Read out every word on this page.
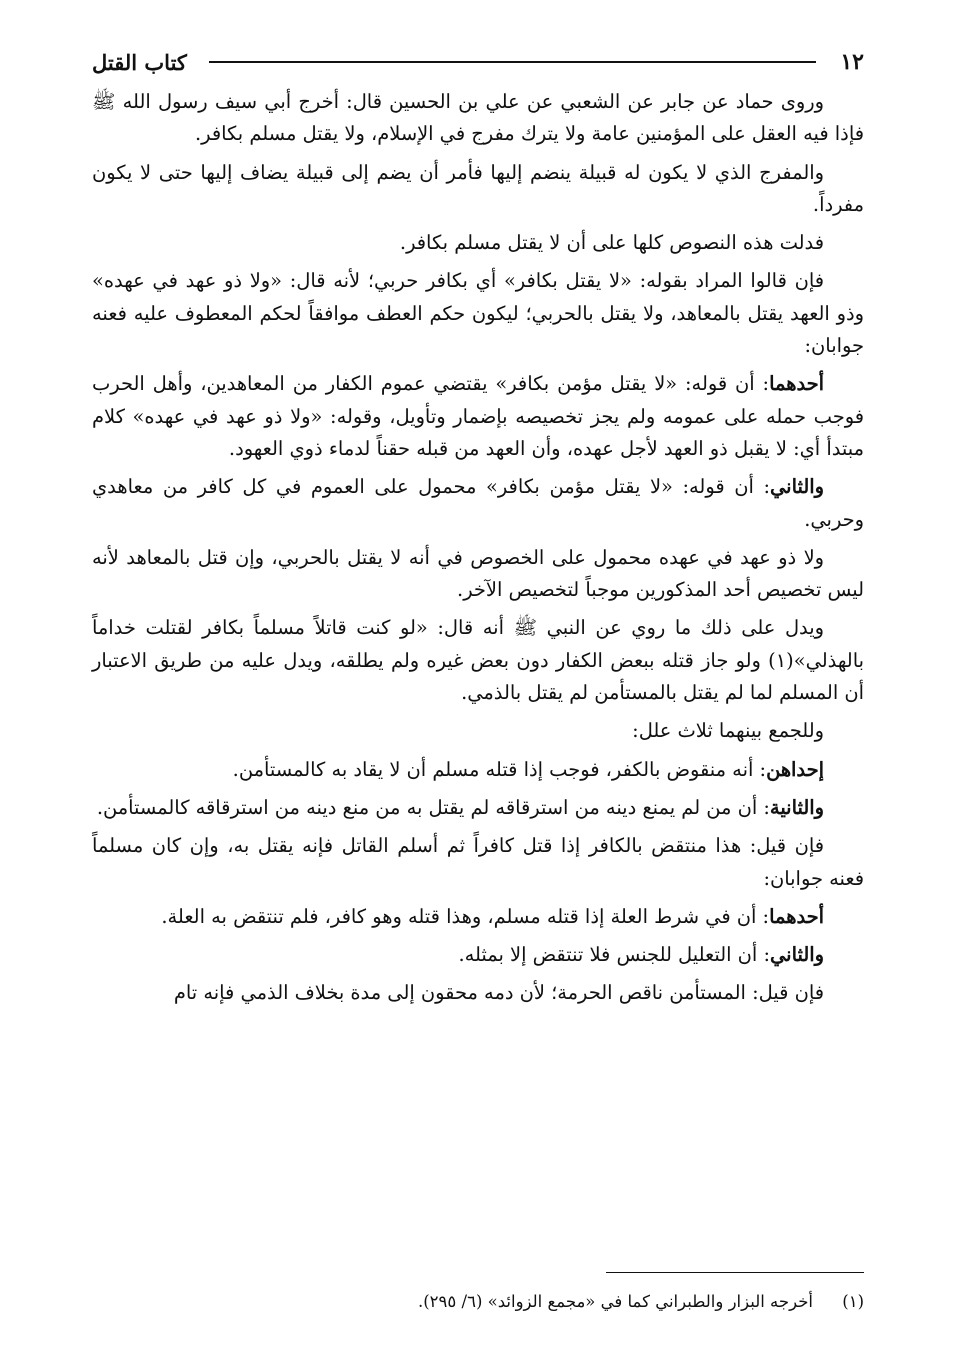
١٢
كتاب القتل

وروى حماد عن جابر عن الشعبي عن علي بن الحسين قال: أخرج أبي سيف رسول الله ﷺ فإذا فيه العقل على المؤمنين عامة ولا يترك مفرج في الإسلام، ولا يقتل مسلم بكافر.

والمفرج الذي لا يكون له قبيلة ينضم إليها فأمر أن يضم إلى قبيلة يضاف إليها حتى لا يكون مفرداً.

فدلت هذه النصوص كلها على أن لا يقتل مسلم بكافر.

فإن قالوا المراد بقوله: «لا يقتل بكافر» أي بكافر حربي؛ لأنه قال: «ولا ذو عهد في عهده» وذو العهد يقتل بالمعاهد، ولا يقتل بالحربي؛ ليكون حكم العطف موافقاً لحكم المعطوف عليه فعنه جوابان:

أحدهما: أن قوله: «لا يقتل مؤمن بكافر» يقتضي عموم الكفار من المعاهدين، وأهل الحرب فوجب حمله على عمومه ولم يجز تخصيصه بإضمار وتأويل، وقوله: «ولا ذو عهد في عهده» كلام مبتدأ أي: لا يقبل ذو العهد لأجل عهده، وأن العهد من قبله حقناً لدماء ذوي العهود.

والثاني: أن قوله: «لا يقتل مؤمن بكافر» محمول على العموم في كل كافر من معاهدي وحربي.

ولا ذو عهد في عهده محمول على الخصوص في أنه لا يقتل بالحربي، وإن قتل بالمعاهد لأنه ليس تخصيص أحد المذكورين موجباً لتخصيص الآخر.

ويدل على ذلك ما روي عن النبي ﷺ أنه قال: «لو كنت قاتلاً مسلماً بكافر لقتلت خداماً بالهذلي»(١) ولو جاز قتله ببعض الكفار دون بعض غيره ولم يطلقه، ويدل عليه من طريق الاعتبار أن المسلم لما لم يقتل بالمستأمن لم يقتل بالذمي.

وللجمع بينهما ثلاث علل:

إحداهن: أنه منقوض بالكفر، فوجب إذا قتله مسلم أن لا يقاد به كالمستأمن.

والثانية: أن من لم يمنع دينه من استرقاقه لم يقتل به من منع دينه من استرقاقه كالمستأمن.

فإن قيل: هذا منتقض بالكافر إذا قتل كافراً ثم أسلم القاتل فإنه يقتل به، وإن كان مسلماً فعنه جوابان:

أحدهما: أن في شرط العلة إذا قتله مسلم، وهذا قتله وهو كافر، فلم تنتقض به العلة.

والثاني: أن التعليل للجنس فلا تنتقض إلا بمثله.

فإن قيل: المستأمن ناقص الحرمة؛ لأن دمه محقون إلى مدة بخلاف الذمي فإنه تام

(١) أخرجه البزار والطبراني كما في «مجمع الزوائد» (٦/ ٢٩٥).
